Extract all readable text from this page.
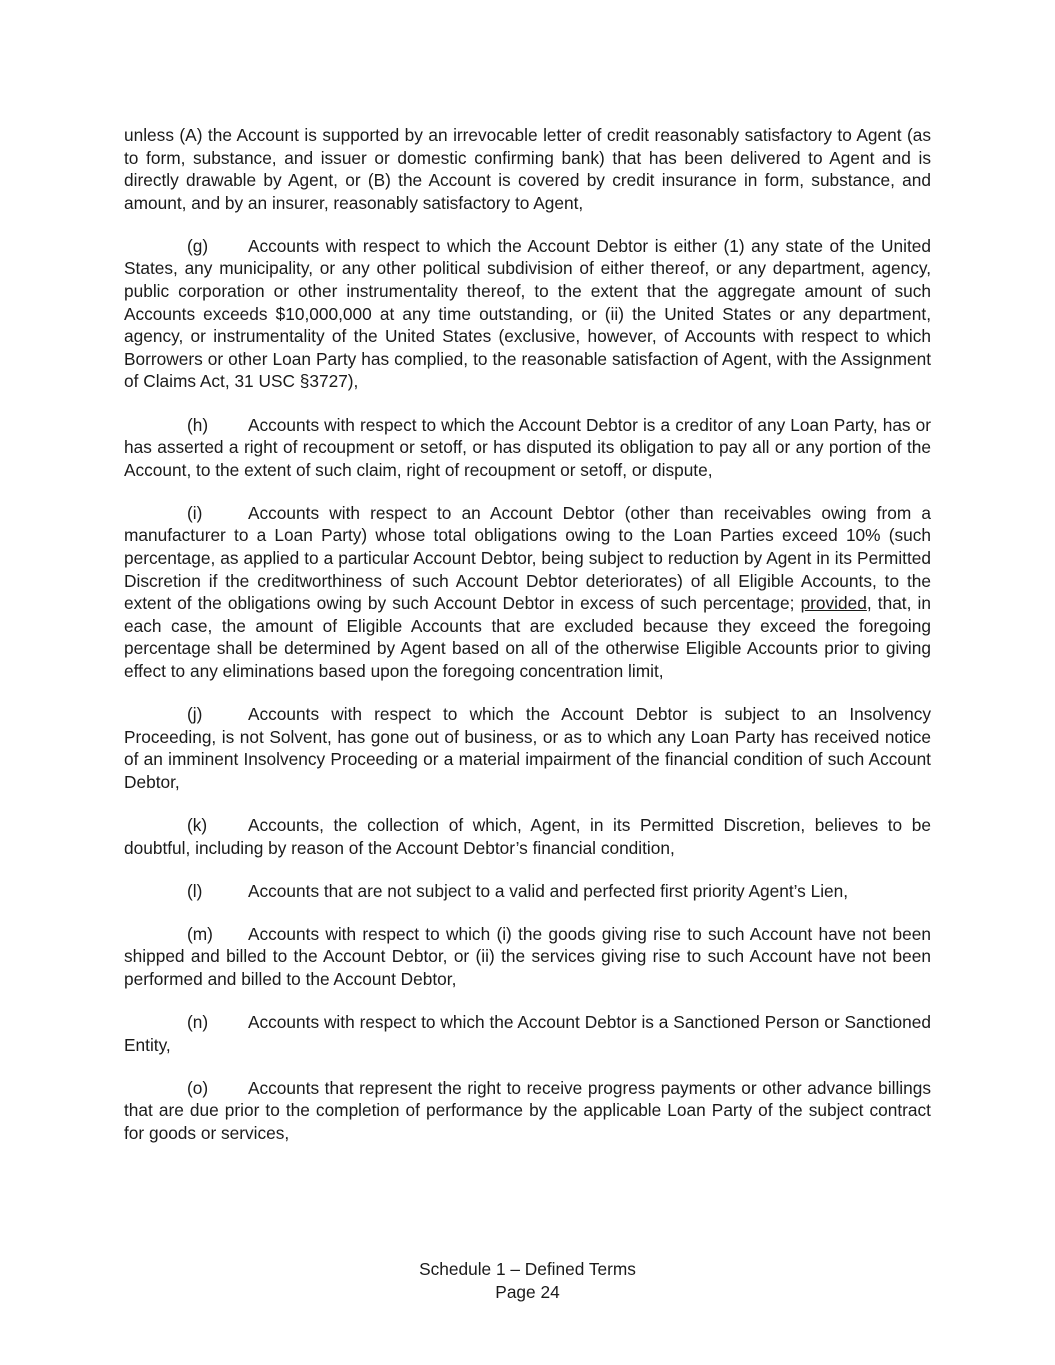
unless (A) the Account is supported by an irrevocable letter of credit reasonably satisfactory to Agent (as to form, substance, and issuer or domestic confirming bank) that has been delivered to Agent and is directly drawable by Agent, or (B) the Account is covered by credit insurance in form, substance, and amount, and by an insurer, reasonably satisfactory to Agent,

(g) Accounts with respect to which the Account Debtor is either (1) any state of the United States, any municipality, or any other political subdivision of either thereof, or any department, agency, public corporation or other instrumentality thereof, to the extent that the aggregate amount of such Accounts exceeds $10,000,000 at any time outstanding, or (ii) the United States or any department, agency, or instrumentality of the United States (exclusive, however, of Accounts with respect to which Borrowers or other Loan Party has complied, to the reasonable satisfaction of Agent, with the Assignment of Claims Act, 31 USC §3727),

(h) Accounts with respect to which the Account Debtor is a creditor of any Loan Party, has or has asserted a right of recoupment or setoff, or has disputed its obligation to pay all or any portion of the Account, to the extent of such claim, right of recoupment or setoff, or dispute,

(i)	Accounts with respect to an Account Debtor (other than receivables owing from a manufacturer to a Loan Party) whose total obligations owing to the Loan Parties exceed 10% (such percentage, as applied to a particular Account Debtor, being subject to reduction by Agent in its Permitted Discretion if the creditworthiness of such Account Debtor deteriorates) of all Eligible Accounts, to the extent of the obligations owing by such Account Debtor in excess of such percentage; provided, that, in each case, the amount of Eligible Accounts that are excluded because they exceed the foregoing percentage shall be determined by Agent based on all of the otherwise Eligible Accounts prior to giving effect to any eliminations based upon the foregoing concentration limit,

(j)	Accounts with respect to which the Account Debtor is subject to an Insolvency Proceeding, is not Solvent, has gone out of business, or as to which any Loan Party has received notice of an imminent Insolvency Proceeding or a material impairment of the financial condition of such Account Debtor,

(k) Accounts, the collection of which, Agent, in its Permitted Discretion, believes to be doubtful, including by reason of the Account Debtor’s financial condition,

(l)	Accounts that are not subject to a valid and perfected first priority Agent’s Lien,

(m) Accounts with respect to which (i) the goods giving rise to such Account have not been shipped and billed to the Account Debtor, or (ii) the services giving rise to such Account have not been performed and billed to the Account Debtor,

(n) Accounts with respect to which the Account Debtor is a Sanctioned Person or Sanctioned Entity,

(o) Accounts that represent the right to receive progress payments or other advance billings that are due prior to the completion of performance by the applicable Loan Party of the subject contract for goods or services,

Schedule 1 – Defined Terms
Page 24
